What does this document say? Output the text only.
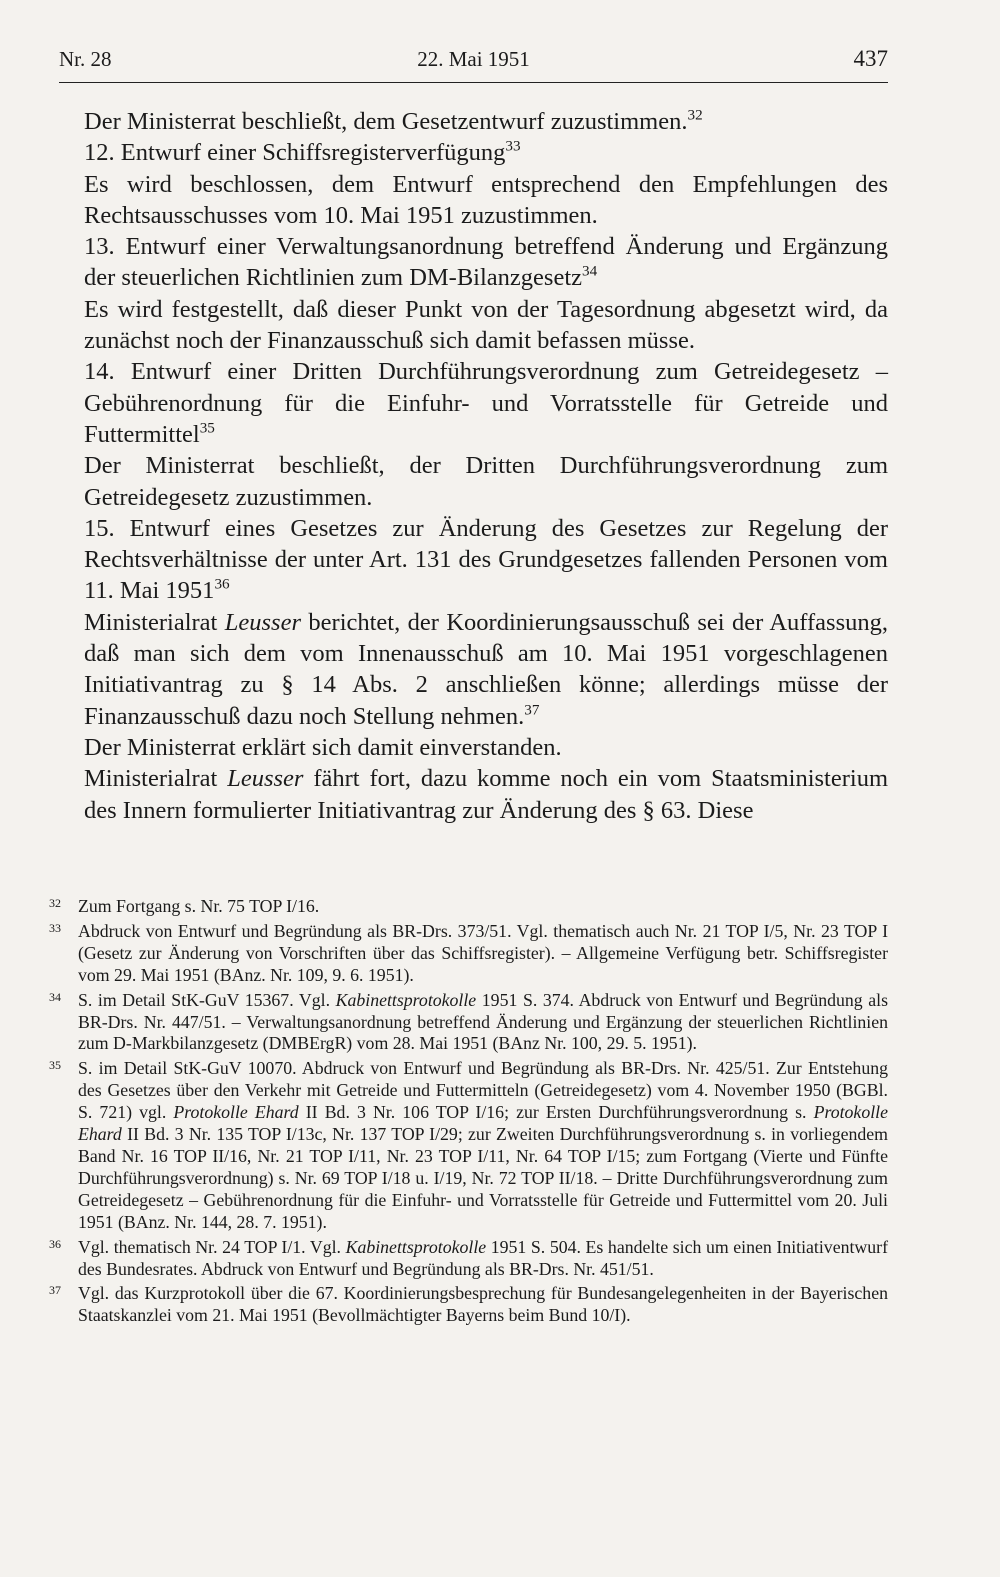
Nr. 28	22. Mai 1951	437

Der Ministerrat beschließt, dem Gesetzentwurf zuzustimmen.$^{32}$

12. Entwurf einer Schiffsregisterverfügung$^{33}$

Es wird beschlossen, dem Entwurf entsprechend den Empfehlungen des Rechtsausschusses vom 10. Mai 1951 zuzustimmen.

13. Entwurf einer Verwaltungsanordnung betreffend Änderung und Ergänzung der steuerlichen Richtlinien zum DM-Bilanzgesetz$^{34}$

Es wird festgestellt, daß dieser Punkt von der Tagesordnung abgesetzt wird, da zunächst noch der Finanzausschuß sich damit befassen müsse.

14. Entwurf einer Dritten Durchführungsverordnung zum Getreidegesetz – Gebührenordnung für die Einfuhr- und Vorratsstelle für Getreide und Futtermittel$^{35}$

Der Ministerrat beschließt, der Dritten Durchführungsverordnung zum Getreidegesetz zuzustimmen.

15. Entwurf eines Gesetzes zur Änderung des Gesetzes zur Regelung der Rechtsverhältnisse der unter Art. 131 des Grundgesetzes fallenden Personen vom 11. Mai 1951$^{36}$

Ministerialrat Leusser berichtet, der Koordinierungsausschuß sei der Auffassung, daß man sich dem vom Innenausschuß am 10. Mai 1951 vorgeschlagenen Initiativantrag zu § 14 Abs. 2 anschließen könne; allerdings müsse der Finanzausschuß dazu noch Stellung nehmen.$^{37}$

Der Ministerrat erklärt sich damit einverstanden.

Ministerialrat Leusser fährt fort, dazu komme noch ein vom Staatsministerium des Innern formulierter Initiativantrag zur Änderung des § 63. Diese

32 Zum Fortgang s. Nr. 75 TOP I/16.
33 Abdruck von Entwurf und Begründung als BR-Drs. 373/51. Vgl. thematisch auch Nr. 21 TOP I/5, Nr. 23 TOP I (Gesetz zur Änderung von Vorschriften über das Schiffsregister). – Allgemeine Verfügung betr. Schiffsregister vom 29. Mai 1951 (BAnz. Nr. 109, 9. 6. 1951).
34 S. im Detail StK-GuV 15367. Vgl. Kabinettsprotokolle 1951 S. 374. Abdruck von Entwurf und Begründung als BR-Drs. Nr. 447/51. – Verwaltungsanordnung betreffend Änderung und Ergänzung der steuerlichen Richtlinien zum D-Markbilanzgesetz (DMBErgR) vom 28. Mai 1951 (BAnz Nr. 100, 29. 5. 1951).
35 S. im Detail StK-GuV 10070. Abdruck von Entwurf und Begründung als BR-Drs. Nr. 425/51. Zur Entstehung des Gesetzes über den Verkehr mit Getreide und Futtermitteln (Getreidegesetz) vom 4. November 1950 (BGBl. S. 721) vgl. Protokolle Ehard II Bd. 3 Nr. 106 TOP I/16; zur Ersten Durchführungsverordnung s. Protokolle Ehard II Bd. 3 Nr. 135 TOP I/13c, Nr. 137 TOP I/29; zur Zweiten Durchführungsverordnung s. in vorliegendem Band Nr. 16 TOP II/16, Nr. 21 TOP I/11, Nr. 23 TOP I/11, Nr. 64 TOP I/15; zum Fortgang (Vierte und Fünfte Durchführungsverordnung) s. Nr. 69 TOP I/18 u. I/19, Nr. 72 TOP II/18. – Dritte Durchführungsverordnung zum Getreidegesetz – Gebührenordnung für die Einfuhr- und Vorratsstelle für Getreide und Futtermittel vom 20. Juli 1951 (BAnz. Nr. 144, 28. 7. 1951).
36 Vgl. thematisch Nr. 24 TOP I/1. Vgl. Kabinettsprotokolle 1951 S. 504. Es handelte sich um einen Initiativentwurf des Bundesrates. Abdruck von Entwurf und Begründung als BR-Drs. Nr. 451/51.
37 Vgl. das Kurzprotokoll über die 67. Koordinierungsbesprechung für Bundesangelegenheiten in der Bayerischen Staatskanzlei vom 21. Mai 1951 (Bevollmächtigter Bayerns beim Bund 10/I).
